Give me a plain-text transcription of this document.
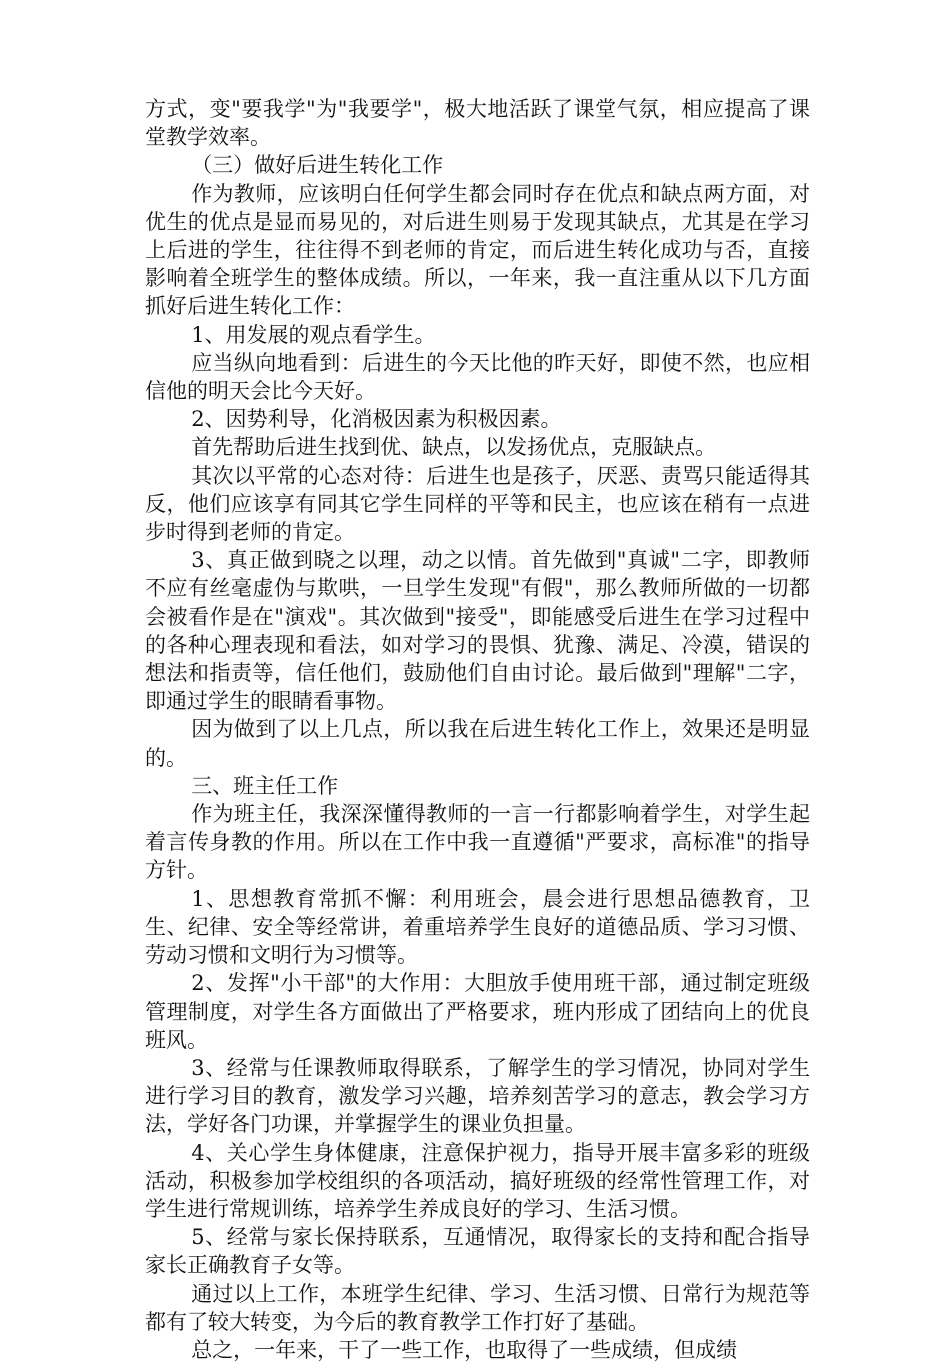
方式，变"要我学"为"我要学"，极大地活跃了课堂气氛，相应提高了课堂教学效率。

（三）做好后进生转化工作

作为教师，应该明白任何学生都会同时存在优点和缺点两方面，对优生的优点是显而易见的，对后进生则易于发现其缺点，尤其是在学习上后进的学生，往往得不到老师的肯定，而后进生转化成功与否，直接影响着全班学生的整体成绩。所以，一年来，我一直注重从以下几方面抓好后进生转化工作：

1、用发展的观点看学生。

应当纵向地看到：后进生的今天比他的昨天好，即使不然，也应相信他的明天会比今天好。

2、因势利导，化消极因素为积极因素。

首先帮助后进生找到优、缺点，以发扬优点，克服缺点。

其次以平常的心态对待：后进生也是孩子，厌恶、责骂只能适得其反，他们应该享有同其它学生同样的平等和民主，也应该在稍有一点进步时得到老师的肯定。

3、真正做到晓之以理，动之以情。首先做到"真诚"二字，即教师不应有丝毫虚伪与欺哄，一旦学生发现"有假"，那么教师所做的一切都会被看作是在"演戏"。其次做到"接受"，即能感受后进生在学习过程中的各种心理表现和看法，如对学习的畏惧、犹豫、满足、冷漠，错误的想法和指责等，信任他们，鼓励他们自由讨论。最后做到"理解"二字，即通过学生的眼睛看事物。

因为做到了以上几点，所以我在后进生转化工作上，效果还是明显的。

三、班主任工作

作为班主任，我深深懂得教师的一言一行都影响着学生，对学生起着言传身教的作用。所以在工作中我一直遵循"严要求，高标准"的指导方针。

1、思想教育常抓不懈：利用班会，晨会进行思想品德教育，卫生、纪律、安全等经常讲，着重培养学生良好的道德品质、学习习惯、劳动习惯和文明行为习惯等。

2、发挥"小干部"的大作用：大胆放手使用班干部，通过制定班级管理制度，对学生各方面做出了严格要求，班内形成了团结向上的优良班风。

3、经常与任课教师取得联系，了解学生的学习情况，协同对学生进行学习目的教育，激发学习兴趣，培养刻苦学习的意志，教会学习方法，学好各门功课，并掌握学生的课业负担量。

4、关心学生身体健康，注意保护视力，指导开展丰富多彩的班级活动，积极参加学校组织的各项活动，搞好班级的经常性管理工作，对学生进行常规训练，培养学生养成良好的学习、生活习惯。

5、经常与家长保持联系，互通情况，取得家长的支持和配合指导家长正确教育子女等。

通过以上工作，本班学生纪律、学习、生活习惯、日常行为规范等都有了较大转变，为今后的教育教学工作打好了基础。

总之，一年来，干了一些工作，也取得了一些成绩，但成绩
